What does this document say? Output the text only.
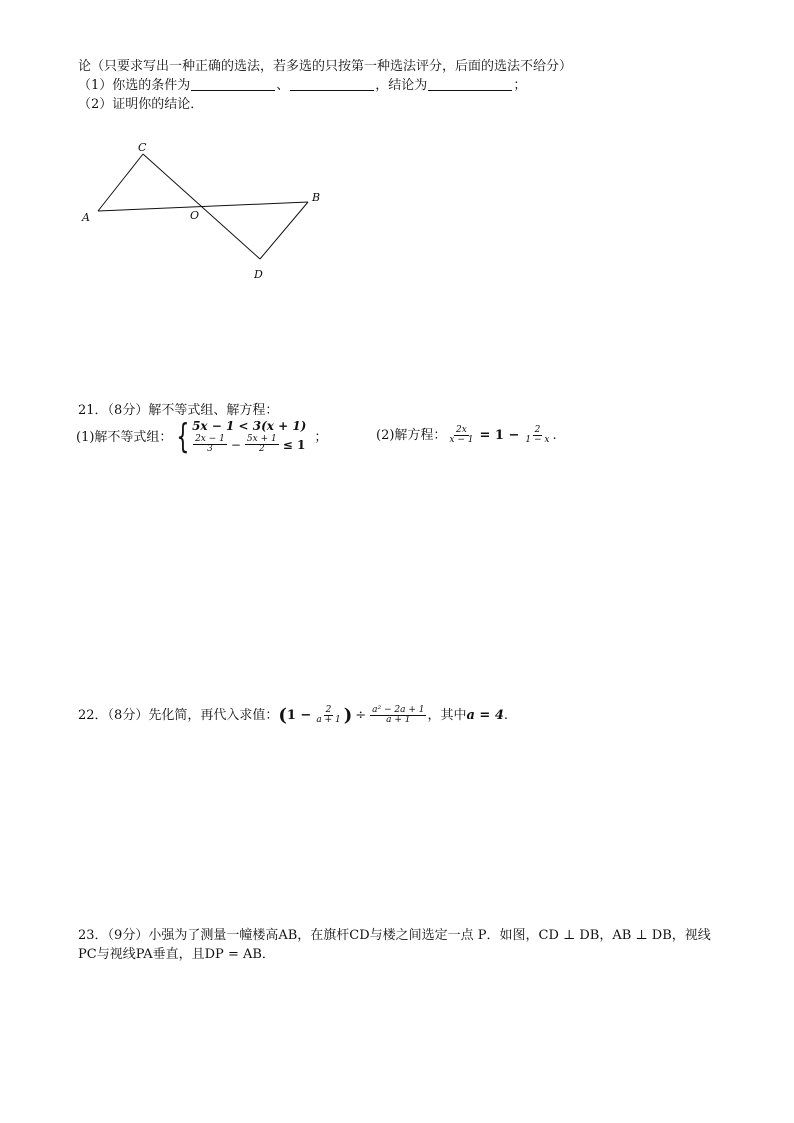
论（只要求写出一种正确的选法，若多选的只按第一种选法评分，后面的选法不给分）
（1）你选的条件为	、	，结论为	；
（2）证明你的结论．
C
A	O
B
D
21．（8分）解不等式组、解方程：
(1)解不等式组： { 5x − 1 < 3(x + 1)
$\frac{2x - 1}{3} - \frac{5x + 1}{2} \le 1$ ；	(2)解方程： $\frac{2x}{x - 1} = 1 - \frac{2}{1 - x}$ .
22．（8分）先化简，再代入求值： ( $1 - \frac{2}{a + 1}$ ) ÷ $\frac{\text{a² − 2a + 1}}{a + 1}$ ，其中 a = 4 .
23．（9分）小强为了测量一幢楼高AB，在旗杆CD与楼之间选定一点 P．如图，CD ⊥ DB，AB ⊥ DB，视线
PC与视线PA垂直，且DP = AB．
